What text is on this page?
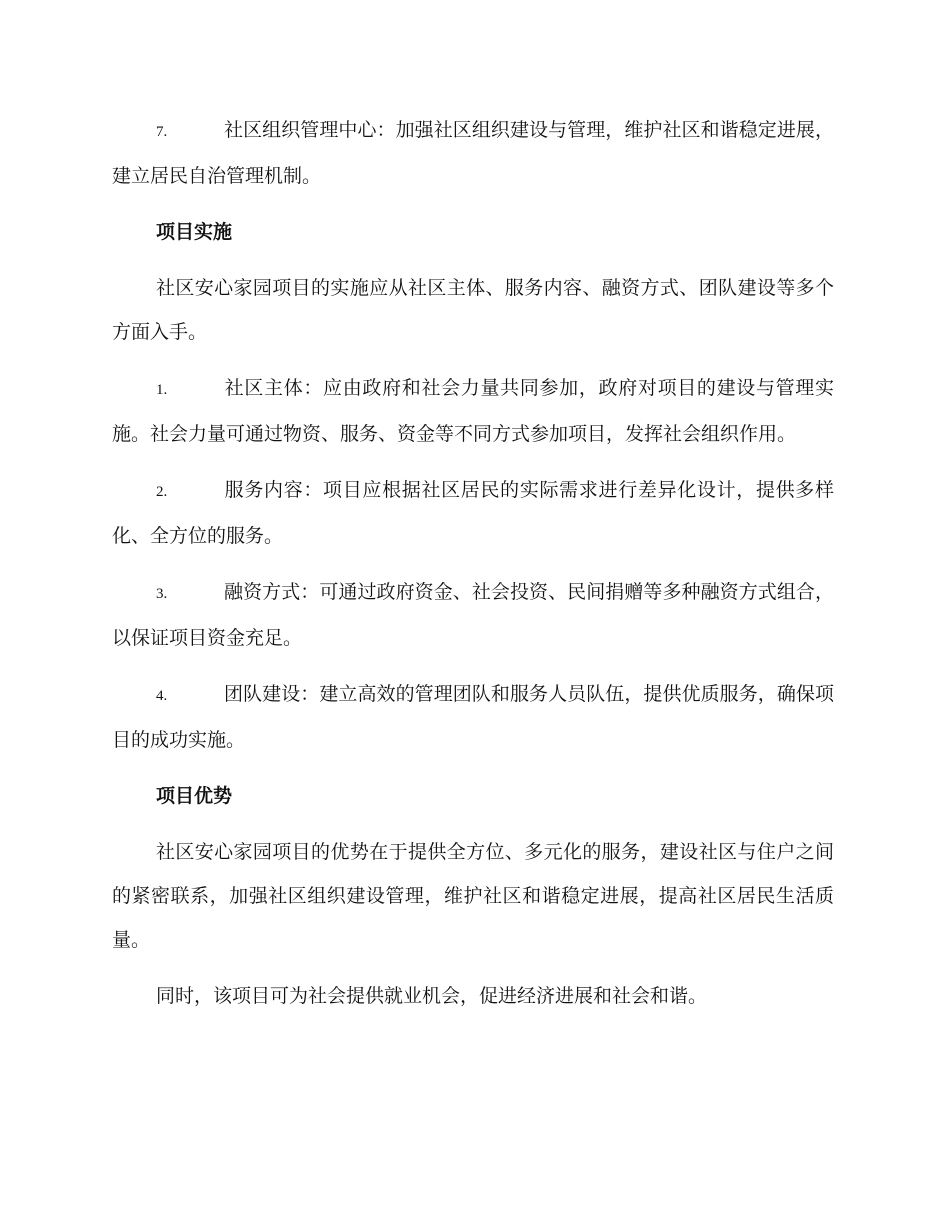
7.	社区组织管理中心：加强社区组织建设与管理，维护社区和谐稳定进展，建立居民自治管理机制。

项目实施

社区安心家园项目的实施应从社区主体、服务内容、融资方式、团队建设等多个方面入手。

1.	社区主体：应由政府和社会力量共同参加，政府对项目的建设与管理实施。社会力量可通过物资、服务、资金等不同方式参加项目，发挥社会组织作用。

2.	服务内容：项目应根据社区居民的实际需求进行差异化设计，提供多样化、全方位的服务。

3.	融资方式：可通过政府资金、社会投资、民间捐赠等多种融资方式组合，以保证项目资金充足。

4.	团队建设：建立高效的管理团队和服务人员队伍，提供优质服务，确保项目的成功实施。

项目优势

社区安心家园项目的优势在于提供全方位、多元化的服务，建设社区与住户之间的紧密联系，加强社区组织建设管理，维护社区和谐稳定进展，提高社区居民生活质量。

同时，该项目可为社会提供就业机会，促进经济进展和社会和谐。
